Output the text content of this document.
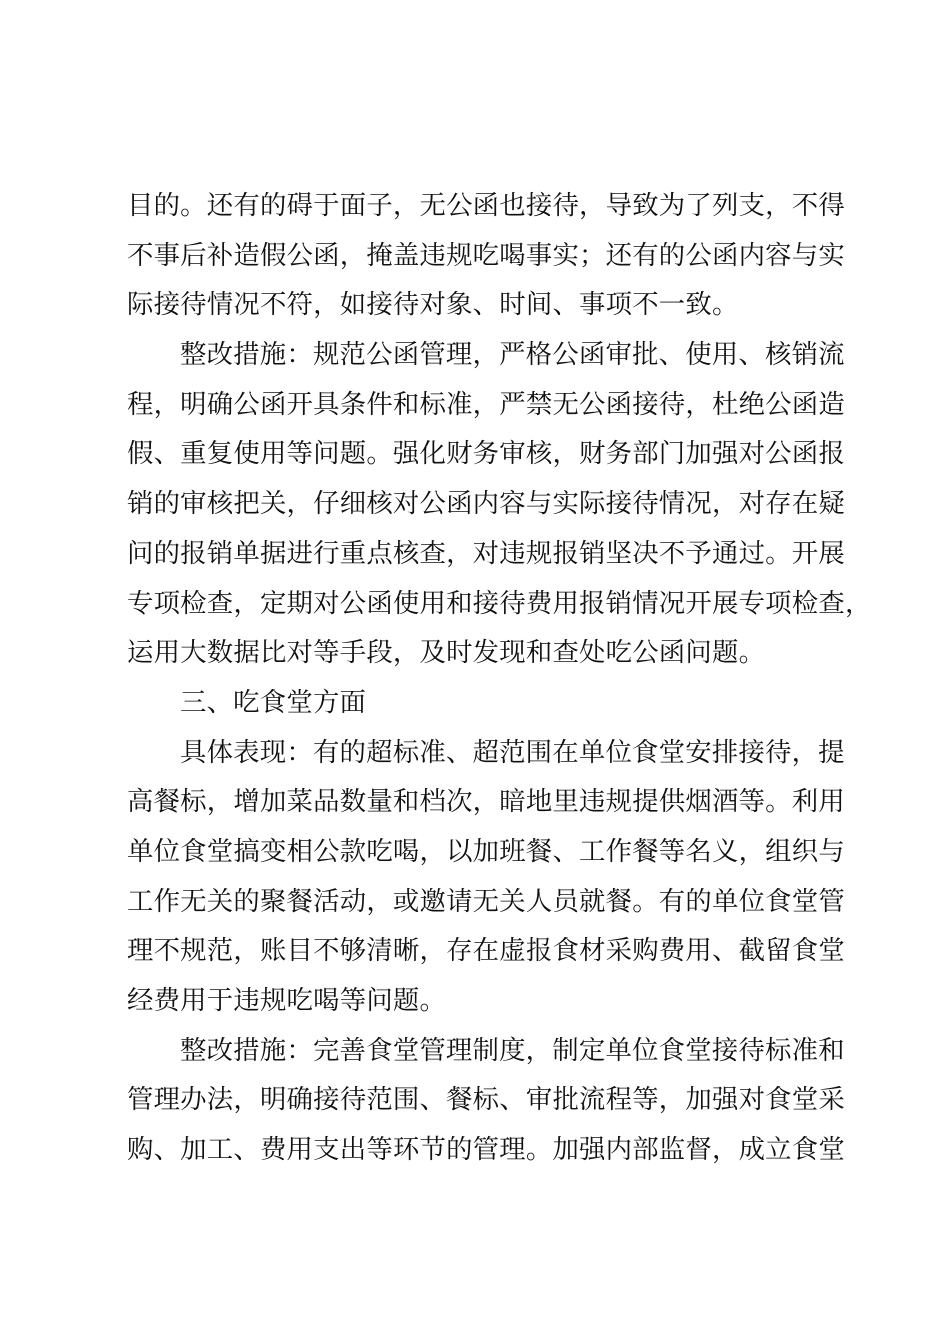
目的。还有的碍于面子，无公函也接待，导致为了列支，不得
不事后补造假公函，掩盖违规吃喝事实；还有的公函内容与实
际接待情况不符，如接待对象、时间、事项不一致。
整改措施：规范公函管理，严格公函审批、使用、核销流
程，明确公函开具条件和标准，严禁无公函接待，杜绝公函造
假、重复使用等问题。强化财务审核，财务部门加强对公函报
销的审核把关，仔细核对公函内容与实际接待情况，对存在疑
问的报销单据进行重点核查，对违规报销坚决不予通过。开展
专项检查，定期对公函使用和接待费用报销情况开展专项检查，
运用大数据比对等手段，及时发现和查处吃公函问题。
三、吃食堂方面
具体表现：有的超标准、超范围在单位食堂安排接待，提
高餐标，增加菜品数量和档次，暗地里违规提供烟酒等。利用
单位食堂搞变相公款吃喝，以加班餐、工作餐等名义，组织与
工作无关的聚餐活动，或邀请无关人员就餐。有的单位食堂管
理不规范，账目不够清晰，存在虚报食材采购费用、截留食堂
经费用于违规吃喝等问题。
整改措施：完善食堂管理制度，制定单位食堂接待标准和
管理办法，明确接待范围、餐标、审批流程等，加强对食堂采
购、加工、费用支出等环节的管理。加强内部监督，成立食堂
